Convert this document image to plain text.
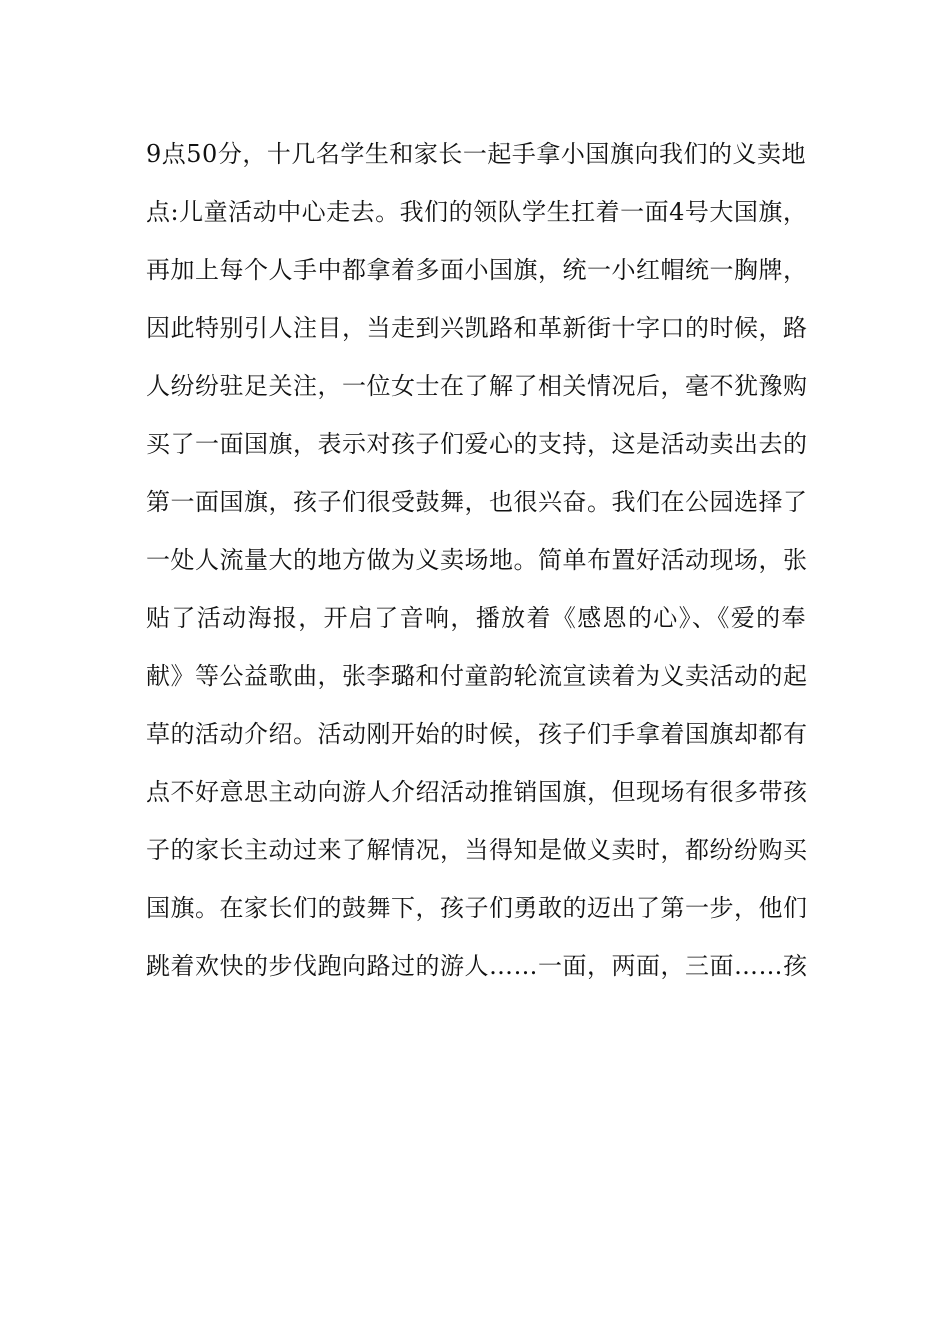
9点50分，十几名学生和家长一起手拿小国旗向我们的义卖地
点:儿童活动中心走去。我们的领队学生扛着一面4号大国旗，
再加上每个人手中都拿着多面小国旗，统一小红帽统一胸牌，
因此特别引人注目，当走到兴凯路和革新街十字口的时候，路
人纷纷驻足关注，一位女士在了解了相关情况后，毫不犹豫购
买了一面国旗，表示对孩子们爱心的支持，这是活动卖出去的
第一面国旗，孩子们很受鼓舞，也很兴奋。我们在公园选择了
一处人流量大的地方做为义卖场地。简单布置好活动现场，张
贴了活动海报，开启了音响，播放着《感恩的心》、《爱的奉
献》等公益歌曲，张李璐和付童韵轮流宣读着为义卖活动的起
草的活动介绍。活动刚开始的时候，孩子们手拿着国旗却都有
点不好意思主动向游人介绍活动推销国旗，但现场有很多带孩
子的家长主动过来了解情况，当得知是做义卖时，都纷纷购买
国旗。在家长们的鼓舞下，孩子们勇敢的迈出了第一步，他们
跳着欢快的步伐跑向路过的游人……一面，两面，三面……孩
